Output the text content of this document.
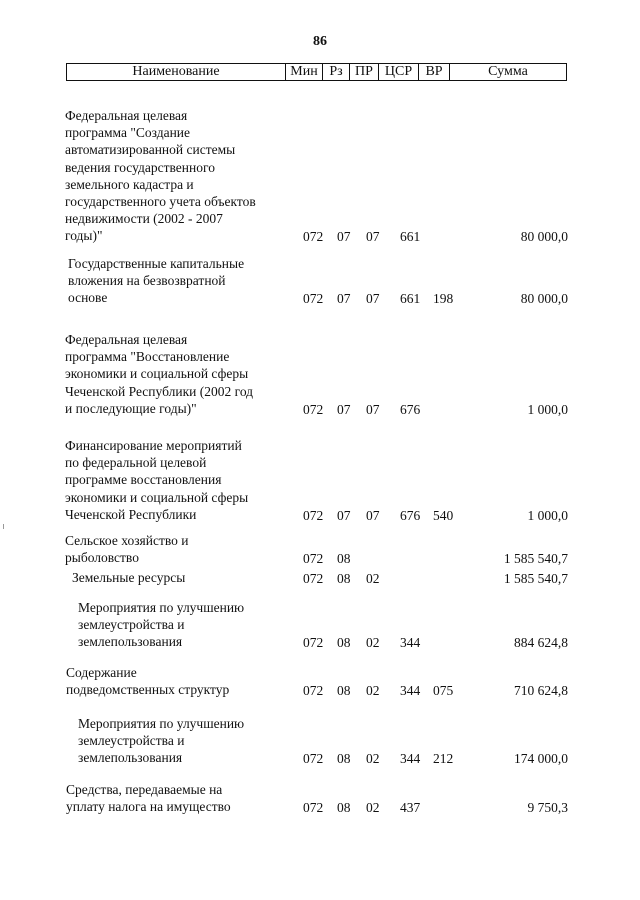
86
Наименование	Мин Рз ПР ЦСР ВР	Сумма
Федеральная целевая
программа "Создание
автоматизированной системы
ведения государственного
земельного кадастра и
государственного учета объектов
недвижимости (2002 - 2007
годы)"	072 07 07 661	80 000,0
Государственные капитальные
вложения на безвозвратной
основе	072 07 07 661 198	80 000,0
Федеральная целевая
программа "Восстановление
экономики и социальной сферы
Чеченской Республики (2002 год
и последующие годы)"	072 07 07 676	1 000,0
Финансирование мероприятий
по федеральной целевой
программе восстановления
экономики и социальной сферы
Чеченской Республики	072 07 07 676 540	1 000,0
Сельское хозяйство и
рыболовство	072 08	1 585 540,7
Земельные ресурсы	072 08 02	1 585 540,7
Мероприятия по улучшению
землеустройства и
землепользования	072 08 02 344	884 624,8
Содержание
подведомственных структур	072 08 02 344 075	710 624,8
Мероприятия по улучшению
землеустройства и
землепользования	072 08 02 344 212	174 000,0
Средства, передаваемые на
уплату налога на имущество	072 08 02 437	9 750,3
